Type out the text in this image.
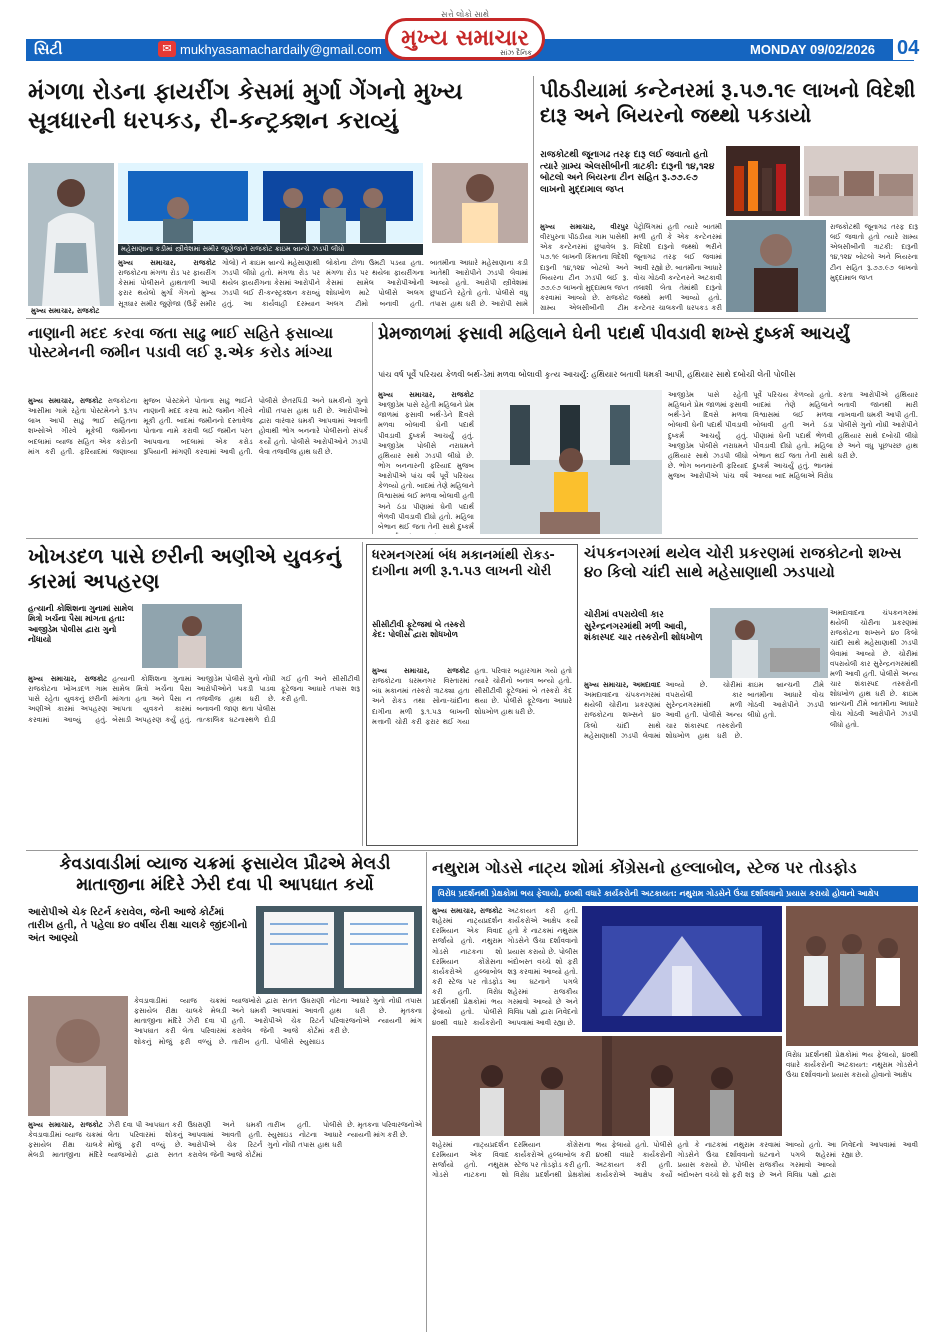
સિટી	✉ mukhyasamachardaily@gmail.com
સત્તે લોકો સાથે
મુખ્ય સમાચાર
સાંઝ દૈનિક	MONDAY 09/02/2026 04
મંગળા રોડના ફાયરીંગ કેસમાં મુર્ગા ગેંગનો મુખ્ય સૂત્રધારની ધરપકડ, રી-કન્ટ્રક્શન કરાવ્યું
મહેસાણાના કડીમાં સ્ત્રીવેશમાં સમીર જુણેજાને રાજકોટ ક્રાઇમ બ્રાન્ચે ઝડપી લીધો
મુખ્ય સમાચાર, રાજકોટ રાજકોટના મંગળા રોડ પર ફાયરીંગ કેસમાં પોલીસને હાથતાળી આપી ફરાર થયેલો મુર્ગા ગેંગનો મુખ્ય સૂત્રધાર સમીર જુણેજા (ઉર્ફે સમીર ગોલો) ને ક્રાઇમ બ્રાન્ચે મહેસાણાથી ઝડપી લીધો હતો. મંગળા રોડ પર થયેલ ફાયરીંગના કેસમાં આરોપીને ઝડપી લઈ રી-કન્સ્ટ્રક્શન કરાવ્યું હતું. આ કાર્યવાહી દરમ્યાન લોકોના ટોળા ઉમટી પડયા હતા. મંગળા રોડ પર થયેલા ફાયરીંગના કેસમાં સામેલ આરોપીઓની શોધખોળ માટે પોલીસે અલગ અલગ ટીમો બનાવી હતી. બાતમીના આધારે મહેસાણાના કડી ખાતેથી આરોપીને ઝડપી લેવામાં આવ્યો હતો. આરોપી સ્ત્રીવેશમાં છુપાઈને રહેતો હતો. પોલીસે વધુ તપાસ હાથ ધરી છે. આરોપી સામે
મુખ્ય સમાચાર, રાજકોટ
પીઠડીયામાં કન્ટેનરમાં રૂ.૫૭.૧૯ લાખનો વિદેશી દારૂ અને બિયરનો જથ્થો પકડાયો
રાજકોટથી જૂનાગઢ તરફ દારૂ લઈ જવાતો હતો ત્યારે ગ્રામ્ય એલસીબીની ત્રાટકી: દારૂની ૧૪,૧૨૪ બોટલો અને બિયરના ટીન સહિત રૂ.૭૭.૯૭ લાખનો મુદ્દામાલ જપ્ત
મુખ્ય સમાચાર, વીરપુર વીરપુરના પીઠડીયા ગામ પાસેથી એક કન્ટેનરમાં છુપાવેલ રૂ. ૫૭.૧૯ લાખની કિંમતના વિદેશી દારૂની ૧૪,૧૨૪ બોટલો અને બિયરના ટીન ઝડપી લઈ રૂ. ૭૭.૯૭ લાખનો મુદ્દામાલ જપ્ત કરવામાં આવ્યો છે. રાજકોટ ગ્રામ્ય એલસીબીની ટીમ પેટ્રોલિંગમાં હતી ત્યારે બાતમી મળી હતી કે એક કન્ટેનરમાં વિદેશી દારૂનો જથ્થો ભરીને જૂનાગઢ તરફ લઈ જવામાં આવી રહ્યો છે. બાતમીના આધારે વોચ ગોઠવી કન્ટેનરને અટકાવી તલાશી લેતા તેમાંથી દારૂનો જથ્થો મળી આવ્યો હતો. કન્ટેનર ચાલકની ધરપકડ કરી
રાજકોટથી જૂનાગઢ તરફ દારૂ લઈ જવાતો હતો ત્યારે ગ્રામ્ય એલસીબીની ત્રાટકી: દારૂની ૧૪,૧૨૪ બોટલો અને બિયરના ટીન સહિત રૂ.૭૭.૯૭ લાખનો મુદ્દામાલ જપ્ત
નાણાની મદદ કરવા જતા સાઢુ ભાઈ સહિતે ફસાવ્યા પોસ્ટમેનની જમીન પડાવી લઈ રૂ.એક કરોડ માંગ્યા
મુખ્ય સમાચાર, રાજકોટ રાજકોટના આસીમા ગામે રહેતા પોસ્ટમેનને રૂ.૧૫ લાખ આપી સાઢુ ભાઈ સહિતના શખ્સોએ ગીરવે મૂકેલી જમીનના બદલામાં વ્યાજ સહિત એક કરોડની માંગ કરી હતી. ફરિયાદમાં જણાવ્યા મુજબ પોસ્ટમેને પોતાના સાઢુ ભાઈને નાણાની મદદ કરવા માટે જમીન ગીરવે મૂકી હતી. બાદમાં જમીનનો દસ્તાવેજ પોતાના નામે કરાવી લઈ જમીન પરત આપવાના બદલામાં એક કરોડ રૂપિયાની માંગણી કરવામાં આવી હતી. પોલીસે છેતરપિંડી અને ધમકીનો ગુનો નોંધી તપાસ હાથ ધરી છે. આરોપીઓ દ્વારા વારંવાર ધમકી આપવામાં આવતી હોવાથી ભોગ બનનારે પોલીસનો સંપર્ક કર્યો હતો. પોલીસે આરોપીઓને ઝડપી લેવા તજવીજ હાથ ધરી છે.
પ્રેમજાળમાં ફસાવી મહિલાને ઘેની પદાર્થ પીવડાવી શખ્સે દુષ્કર્મ આચર્યું
પાંચ વર્ષ પૂર્વે પરિચય કેળવી બર્થ-ડેમાં મળવા બોલાવી કૃત્ય આચર્યું: હથિયાર બતાવી ધમકી આપી, હથિયાર સાથે દબોચી લેતી પોલીસ
મુખ્ય સમાચાર, રાજકોટ આજીડેમ પાસે રહેતી મહિલાને પ્રેમ જાળમાં ફસાવી બર્થ-ડેને દિવસે મળવા બોલાવી ઘેની પદાર્થ પીવડાવી દુષ્કર્મ આચર્યું હતું. આજીડેમ પોલીસે નરાધમને હથિયાર સાથે ઝડપી લીધો છે. ભોગ બનનારની ફરિયાદ મુજબ આરોપીએ પાંચ વર્ષ પૂર્વે પરિચય કેળવ્યો હતો. બાદમાં તેણે મહિલાને વિશ્વાસમાં લઈ મળવા બોલાવી હતી અને ઠંડા પીણામાં ઘેની પદાર્થ ભેળવી પીવડાવી દીધો હતો. મહિલા બેભાન થઈ જતા તેની સાથે દુષ્કર્મ
આજીડેમ પાસે રહેતી મહિલાને પ્રેમ જાળમાં ફસાવી બર્થ-ડેને દિવસે મળવા બોલાવી ઘેની પદાર્થ પીવડાવી દુષ્કર્મ આચર્યું હતું. આજીડેમ પોલીસે નરાધમને હથિયાર સાથે ઝડપી લીધો છે. ભોગ બનનારની ફરિયાદ મુજબ આરોપીએ પાંચ વર્ષ પૂર્વે પરિચય કેળવ્યો હતો. બાદમાં તેણે મહિલાને વિશ્વાસમાં લઈ મળવા બોલાવી હતી અને ઠંડા પીણામાં ઘેની પદાર્થ ભેળવી પીવડાવી દીધો હતો. મહિલા બેભાન થઈ જતા તેની સાથે દુષ્કર્મ આચર્યું હતું. ભાનમાં આવ્યા બાદ મહિલાએ વિરોધ કરતા આરોપીએ હથિયાર બતાવી જાનથી મારી નાખવાની ધમકી આપી હતી. પોલીસે ગુનો નોંધી આરોપીને હથિયાર સાથે દબોચી લીધો છે અને વધુ પૂછપરછ હાથ ધરી છે.
ખોખડદળ પાસે છરીની અણીએ યુવકનું કારમાં અપહરણ
હત્યાની કોશિશના ગુનામાં સામેલ મિત્રો ખર્ચના પૈસા માંગતા હતા: આજીડેમ પોલીસ દ્વારા ગુનો નોંધાયો
મુખ્ય સમાચાર, રાજકોટ રાજકોટના ખોખડદળ ગામ પાસે રહેતા યુવકનું છરીની અણીએ કારમાં અપહરણ કરવામાં આવ્યું હતું. હત્યાની કોશિશના ગુનામાં સામેલ મિત્રો ખર્ચના પૈસા માંગતા હતા અને પૈસા ન આપતા યુવકને કારમાં બેસાડી અપહરણ કર્યું હતું. આજીડેમ પોલીસે ગુનો નોંધી આરોપીઓને પકડી પાડવા તજવીજ હાથ ધરી છે. બનાવની જાણ થતા પોલીસ તાત્કાલિક ઘટનાસ્થળે દોડી ગઈ હતી અને સીસીટીવી ફૂટેજના આધારે તપાસ શરૂ કરી હતી.
ધરમનગરમાં બંધ મકાનમાંથી રોકડ-દાગીના મળી રૂ.૧.૫૩ લાખની ચોરી
સીસીટીવી ફૂટેજમાં બે તસ્કરો કેદ: પોલીસ દ્વારા શોધખોળ
મુખ્ય સમાચાર, રાજકોટ રાજકોટના ધરમનગર વિસ્તારમાં બંધ મકાનમાં તસ્કરો ત્રાટક્યા હતા અને રોકડ તથા સોના-ચાંદીના દાગીના મળી રૂ.૧.૫૩ લાખની મત્તાની ચોરી કરી ફરાર થઈ ગયા હતા. પરિવાર બહારગામ ગયો હતો ત્યારે ચોરીનો બનાવ બન્યો હતો. સીસીટીવી ફૂટેજમાં બે તસ્કરો કેદ થયા છે. પોલીસે ફૂટેજના આધારે શોધખોળ હાથ ધરી છે.
ચંપકનગરમાં થયેલ ચોરી પ્રકરણમાં રાજકોટનો શખ્સ ૪૦ કિલો ચાંદી સાથે મહેસાણાથી ઝડપાયો
ચોરીમાં વપરાયેલી કાર સુરેન્દ્રનગરમાંથી મળી આવી, શંકાસ્પદ ચાર તસ્કરોની શોધખોળ
મુખ્ય સમાચાર, અમદાવાદ અમદાવાદના ચંપકનગરમાં થયેલી ચોરીના પ્રકરણમાં રાજકોટના શખ્સને ૪૦ કિલો ચાંદી સાથે મહેસાણાથી ઝડપી લેવામાં આવ્યો છે. ચોરીમાં વપરાયેલી કાર સુરેન્દ્રનગરમાંથી મળી આવી હતી. પોલીસે અન્ય ચાર શંકાસ્પદ તસ્કરોની શોધખોળ હાથ ધરી છે. ક્રાઇમ બ્રાન્ચની ટીમે બાતમીના આધારે વોચ ગોઠવી આરોપીને ઝડપી લીધો હતો.
અમદાવાદના ચંપકનગરમાં થયેલી ચોરીના પ્રકરણમાં રાજકોટના શખ્સને ૪૦ કિલો ચાંદી સાથે મહેસાણાથી ઝડપી લેવામાં આવ્યો છે. ચોરીમાં વપરાયેલી કાર સુરેન્દ્રનગરમાંથી મળી આવી હતી. પોલીસે અન્ય ચાર શંકાસ્પદ તસ્કરોની શોધખોળ હાથ ધરી છે. ક્રાઇમ બ્રાન્ચની ટીમે બાતમીના આધારે વોચ ગોઠવી આરોપીને ઝડપી લીધો હતો.
કેવડાવાડીમાં વ્યાજ ચક્રમાં ફસાયેલ પ્રૌઢએ મેલડી માતાજીના મંદિરે ઝેરી દવા પી આપઘાત કર્યો
આરોપીએ ચેક રિટર્ન કરાવેલ, જેની આજે કોર્ટમાં તારીખ હતી, તે પહેલા ૪૦ વર્ષીય રીક્ષા ચાલકે જીંદગીનો અંત આણ્યો
મુખ્ય સમાચાર, રાજકોટ કેવડાવાડીમાં વ્યાજ ચક્રમાં ફસાયેલ રીક્ષા ચાલકે મેલડી માતાજીના મંદિરે ઝેરી દવા પી આપઘાત કરી લેતા પરિવારમાં શોકનું મોજું ફરી વળ્યું છે. વ્યાજખોરો દ્વારા સતત ઉઘરાણી અને ધમકી આપવામાં આવતી હતી. આરોપીએ ચેક રિટર્ન કરાવેલ જેની આજે કોર્ટમાં તારીખ હતી. પોલીસે સ્યુસાઇડ નોટના આધારે ગુનો નોંધી તપાસ હાથ ધરી છે. મૃતકના પરિવારજનોએ ન્યાયની માંગ કરી છે.
કેવડાવાડીમાં વ્યાજ ચક્રમાં ફસાયેલ રીક્ષા ચાલકે મેલડી માતાજીના મંદિરે ઝેરી દવા પી આપઘાત કરી લેતા પરિવારમાં શોકનું મોજું ફરી વળ્યું છે. વ્યાજખોરો દ્વારા સતત ઉઘરાણી અને ધમકી આપવામાં આવતી હતી. આરોપીએ ચેક રિટર્ન કરાવેલ જેની આજે કોર્ટમાં તારીખ હતી. પોલીસે સ્યુસાઇડ નોટના આધારે ગુનો નોંધી તપાસ હાથ ધરી છે. મૃતકના પરિવારજનોએ ન્યાયની માંગ કરી છે.
નથુરામ ગોડસે નાટ્ય શોમાં કોંગ્રેસનો હલ્લાબોલ, સ્ટેજ પર તોડફોડ
વિરોધ પ્રદર્શનથી પ્રેક્ષકોમાં ભય ફેલાયો, ૪૦થી વધારે કાર્યકરોની અટકાયત: નથુરામ ગોડસેને ઉંચા દર્શાવવાનો પ્રયાસ કરાયો હોવાનો આક્ષેપ
મુખ્ય સમાચાર, રાજકોટ શહેરમાં નાટ્યપ્રદર્શન દરમિયાન એક વિવાદ સર્જાયો હતો. નથુરામ ગોડસે નાટકના શો દરમિયાન કોંગ્રેસના કાર્યકરોએ હલ્લાબોલ કરી સ્ટેજ પર તોડફોડ કરી હતી. વિરોધ પ્રદર્શનથી પ્રેક્ષકોમાં ભય ફેલાયો હતો. પોલીસે ૪૦થી વધારે કાર્યકરોની અટકાયત કરી હતી. કાર્યકરોએ આક્ષેપ કર્યો હતો કે નાટકમાં નથુરામ ગોડસેને ઉંચા દર્શાવવાનો પ્રયાસ કરાયો છે. પોલીસ બંદોબસ્ત વચ્ચે શો ફરી શરૂ કરવામાં આવ્યો હતો. આ ઘટનાને પગલે શહેરમાં રાજકીય ગરમાવો આવ્યો છે અને વિવિધ પક્ષો દ્વારા નિવેદનો આપવામાં આવી રહ્યા છે.
શહેરમાં નાટ્યપ્રદર્શન દરમિયાન એક વિવાદ સર્જાયો હતો. નથુરામ ગોડસે નાટકના શો દરમિયાન કોંગ્રેસના કાર્યકરોએ હલ્લાબોલ કરી સ્ટેજ પર તોડફોડ કરી હતી. વિરોધ પ્રદર્શનથી પ્રેક્ષકોમાં ભય ફેલાયો હતો. પોલીસે ૪૦થી વધારે કાર્યકરોની અટકાયત કરી હતી. કાર્યકરોએ આક્ષેપ કર્યો હતો કે નાટકમાં નથુરામ ગોડસેને ઉંચા દર્શાવવાનો પ્રયાસ કરાયો છે. પોલીસ બંદોબસ્ત વચ્ચે શો ફરી શરૂ કરવામાં આવ્યો હતો. આ ઘટનાને પગલે શહેરમાં રાજકીય ગરમાવો આવ્યો છે અને વિવિધ પક્ષો દ્વારા નિવેદનો આપવામાં આવી રહ્યા છે.
વિરોધ પ્રદર્શનથી પ્રેક્ષકોમાં ભય ફેલાયો, ૪૦થી વધારે કાર્યકરોની અટકાયત: નથુરામ ગોડસેને ઉંચા દર્શાવવાનો પ્રયાસ કરાયો હોવાનો આક્ષેપ
